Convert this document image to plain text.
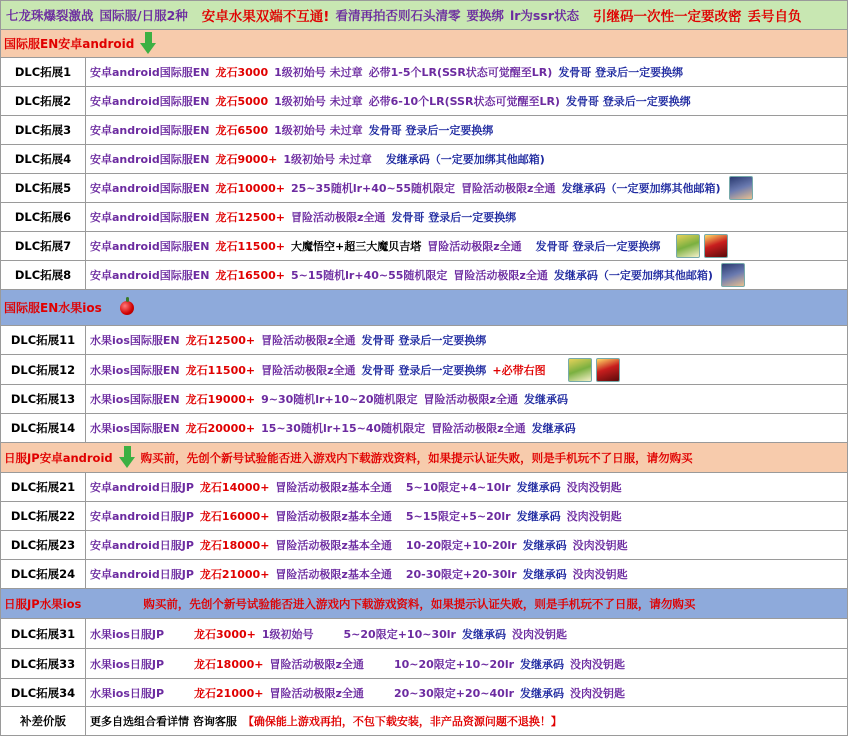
七龙珠爆裂激战 国际服/日服2种 安卓水果双端不互通! 看清再拍否则石头清零 要换绑 lr为ssr状态 引继码一次性一定要改密 丢号自负
国际服EN安卓android
DLC拓展1	安卓android国际服EN 龙石3000 1级初始号 未过章 必带1-5个LR(SSR状态可觉醒至LR) 发骨哥 登录后一定要换绑
DLC拓展2	安卓android国际服EN 龙石5000 1级初始号 未过章 必带6-10个LR(SSR状态可觉醒至LR) 发骨哥 登录后一定要换绑
DLC拓展3	安卓android国际服EN 龙石6500 1级初始号 未过章 发骨哥 登录后一定要换绑
DLC拓展4	安卓android国际服EN 龙石9000+ 1级初始号 未过章 发继承码（一定要加绑其他邮箱)
DLC拓展5	安卓android国际服EN 龙石10000+ 25~35随机lr+40~55随机限定 冒险活动极限z全通 发继承码（一定要加绑其他邮箱)
DLC拓展6	安卓android国际服EN 龙石12500+ 冒险活动极限z全通 发骨哥 登录后一定要换绑
DLC拓展7	安卓android国际服EN 龙石11500+ 大魔悟空+超三大魔贝吉塔 冒险活动极限z全通 发骨哥 登录后一定要换绑
DLC拓展8	安卓android国际服EN 龙石16500+ 5~15随机lr+40~55随机限定 冒险活动极限z全通 发继承码（一定要加绑其他邮箱)
国际服EN水果ios
DLC拓展11	水果ios国际服EN 龙石12500+ 冒险活动极限z全通 发骨哥 登录后一定要换绑
DLC拓展12	水果ios国际服EN 龙石11500+ 冒险活动极限z全通 发骨哥 登录后一定要换绑 +必带右图
DLC拓展13	水果ios国际服EN 龙石19000+ 9~30随机lr+10~20随机限定 冒险活动极限z全通 发继承码
DLC拓展14	水果ios国际服EN 龙石20000+ 15~30随机lr+15~40随机限定 冒险活动极限z全通 发继承码
日服JP安卓android 购买前，先创个新号试验能否进入游戏内下载游戏资料，如果提示认证失败，则是手机玩不了日服，请勿购买
DLC拓展21	安卓android日服JP 龙石14000+ 冒险活动极限z基本全通 5~10限定+4~10lr 发继承码 没肉没钥匙
DLC拓展22	安卓android日服JP 龙石16000+ 冒险活动极限z基本全通 5~15限定+5~20lr 发继承码 没肉没钥匙
DLC拓展23	安卓android日服JP 龙石18000+ 冒险活动极限z基本全通 10-20限定+10-20lr 发继承码 没肉没钥匙
DLC拓展24	安卓android日服JP 龙石21000+ 冒险活动极限z基本全通 20-30限定+20-30lr 发继承码 没肉没钥匙
日服JP水果ios	购买前，先创个新号试验能否进入游戏内下载游戏资料，如果提示认证失败，则是手机玩不了日服，请勿购买
DLC拓展31	水果ios日服JP	龙石3000+ 1级初始号	5~20限定+10~30lr 发继承码 没肉没钥匙
DLC拓展33	水果ios日服JP	龙石18000+ 冒险活动极限z全通	10~20限定+10~20lr 发继承码 没肉没钥匙
DLC拓展34	水果ios日服JP	龙石21000+ 冒险活动极限z全通	20~30限定+20~40lr 发继承码 没肉没钥匙
补差价版	更多自选组合看详情 咨询客服 【确保能上游戏再拍，不包下载安装，非产品资源问题不退换！】
